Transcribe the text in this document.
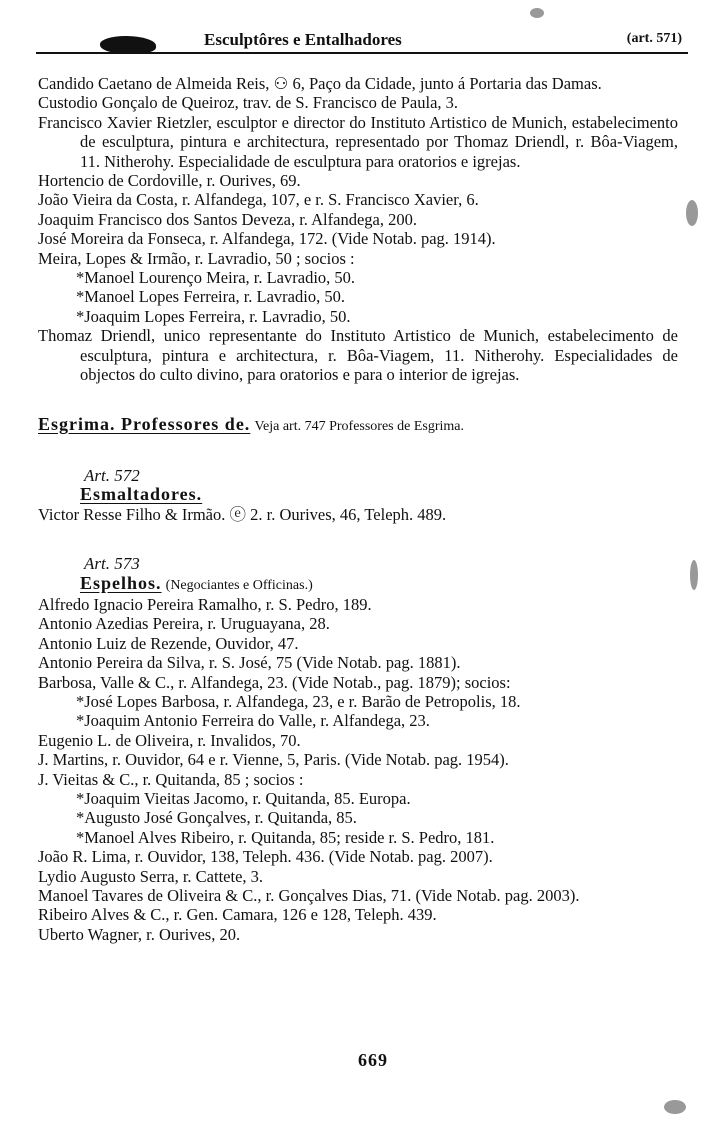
Esculptôres e Entalhadores	(art. 571)

Candido Caetano de Almeida Reis, ⚇ 6, Paço da Cidade, junto á Portaria das Damas.

Custodio Gonçalo de Queiroz, trav. de S. Francisco de Paula, 3.

Francisco Xavier Rietzler, esculptor e director do Instituto Artistico de Munich, estabelecimento de esculptura, pintura e architectura, representado por Thomaz Driendl, r. Bôa-Viagem, 11. Nitherohy. Especialidade de esculptura para oratorios e igrejas.

Hortencio de Cordoville, r. Ourives, 69.

João Vieira da Costa, r. Alfandega, 107, e r. S. Francisco Xavier, 6.

Joaquim Francisco dos Santos Deveza, r. Alfandega, 200.

José Moreira da Fonseca, r. Alfandega, 172. (Vide Notab. pag. 1914).

Meira, Lopes & Irmão, r. Lavradio, 50 ; socios :

*Manoel Lourenço Meira, r. Lavradio, 50.

*Manoel Lopes Ferreira, r. Lavradio, 50.

*Joaquim Lopes Ferreira, r. Lavradio, 50.

Thomaz Driendl, unico representante do Instituto Artistico de Munich, estabelecimento de esculptura, pintura e architectura, r. Bôa-Viagem, 11. Nitherohy. Especialidades de objectos do culto divino, para oratorios e para o interior de igrejas.

Esgrima. Professores de. Veja art. 747 Professores de Esgrima.

Art. 572

Esmaltadores.

Victor Resse Filho & Irmão. ⓔ 2. r. Ourives, 46, Teleph. 489.

Art. 573

Espelhos. (Negociantes e Officinas.)

Alfredo Ignacio Pereira Ramalho, r. S. Pedro, 189.

Antonio Azedias Pereira, r. Uruguayana, 28.

Antonio Luiz de Rezende, Ouvidor, 47.

Antonio Pereira da Silva, r. S. José, 75 (Vide Notab. pag. 1881).

Barbosa, Valle & C., r. Alfandega, 23. (Vide Notab., pag. 1879); socios:

*José Lopes Barbosa, r. Alfandega, 23, e r. Barão de Petropolis, 18.

*Joaquim Antonio Ferreira do Valle, r. Alfandega, 23.

Eugenio L. de Oliveira, r. Invalidos, 70.

J. Martins, r. Ouvidor, 64 e r. Vienne, 5, Paris. (Vide Notab. pag. 1954).

J. Vieitas & C., r. Quitanda, 85 ; socios :

*Joaquim Vieitas Jacomo, r. Quitanda, 85. Europa.

*Augusto José Gonçalves, r. Quitanda, 85.

*Manoel Alves Ribeiro, r. Quitanda, 85; reside r. S. Pedro, 181.

João R. Lima, r. Ouvidor, 138, Teleph. 436. (Vide Notab. pag. 2007).

Lydio Augusto Serra, r. Cattete, 3.

Manoel Tavares de Oliveira & C., r. Gonçalves Dias, 71. (Vide Notab. pag. 2003).

Ribeiro Alves & C., r. Gen. Camara, 126 e 128, Teleph. 439.

Uberto Wagner, r. Ourives, 20.

669
